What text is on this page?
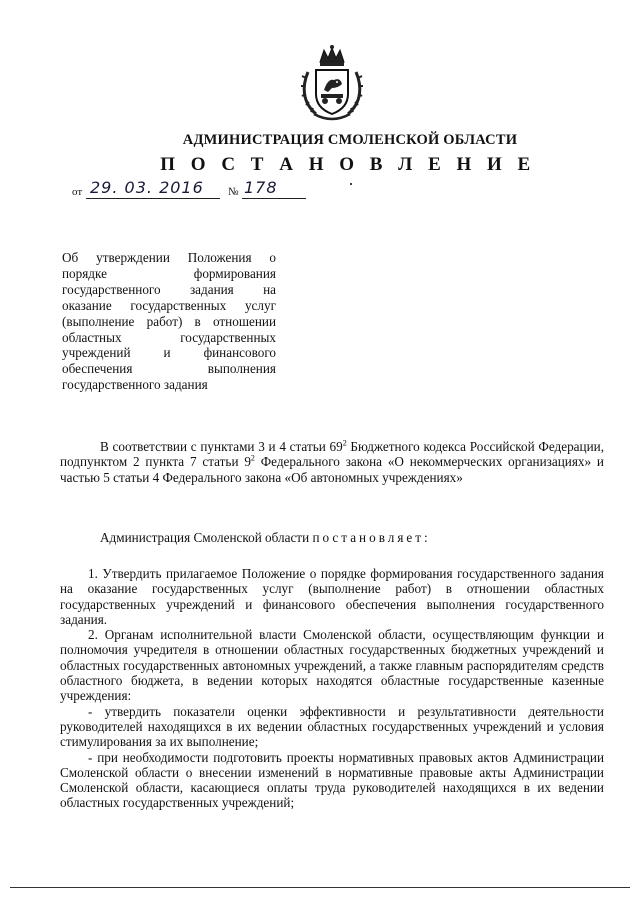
АДМИНИСТРАЦИЯ СМОЛЕНСКОЙ ОБЛАСТИ
П О С Т А Н О В Л Е Н И Е
от 29. 03. 2016 № 178
Об утверждении Положения о порядке формирования государственного задания на оказание государственных услуг (выполнение работ) в отношении областных государственных учреждений и финансового обеспечения выполнения государственного задания
В соответствии с пунктами 3 и 4 статьи $69^2$ Бюджетного кодекса Российской Федерации, подпунктом 2 пункта 7 статьи $9^2$ Федерального закона «О некоммерческих организациях» и частью 5 статьи 4 Федерального закона «Об автономных учреждениях»
Администрация Смоленской области постановляет:

1. Утвердить прилагаемое Положение о порядке формирования государственного задания на оказание государственных услуг (выполнение работ) в отношении областных государственных учреждений и финансового обеспечения выполнения государственного задания.

2. Органам исполнительной власти Смоленской области, осуществляющим функции и полномочия учредителя в отношении областных государственных бюджетных учреждений и областных государственных автономных учреждений, а также главным распорядителям средств областного бюджета, в ведении которых находятся областные государственные казенные учреждения:

- утвердить показатели оценки эффективности и результативности деятельности руководителей находящихся в их ведении областных государственных учреждений и условия стимулирования за их выполнение;

- при необходимости подготовить проекты нормативных правовых актов Администрации Смоленской области о внесении изменений в нормативные правовые акты Администрации Смоленской области, касающиеся оплаты труда руководителей находящихся в их ведении областных государственных учреждений;
